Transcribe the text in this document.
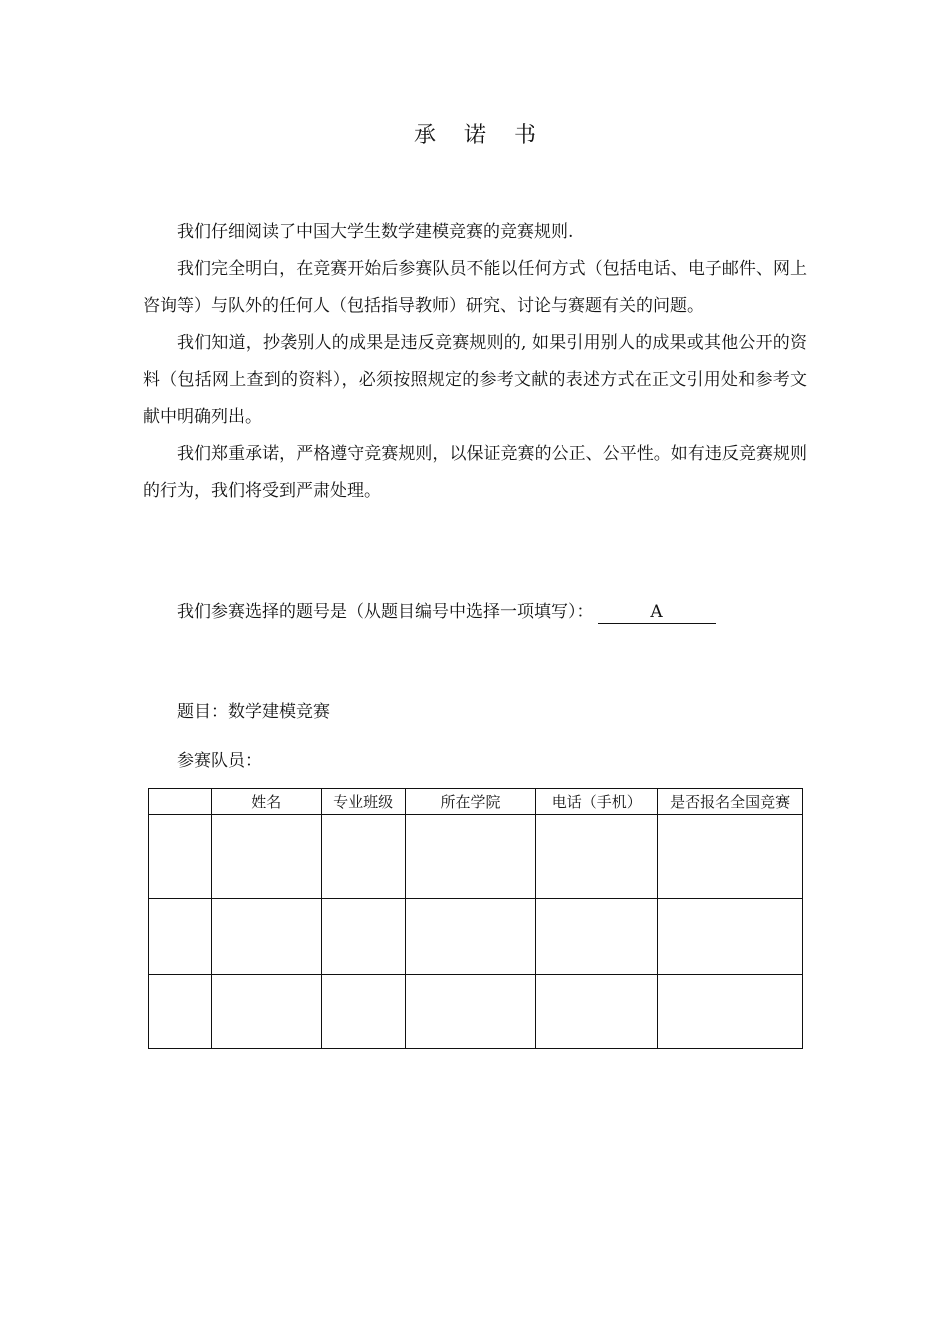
承 诺 书

我们仔细阅读了中国大学生数学建模竞赛的竞赛规则.

我们完全明白，在竞赛开始后参赛队员不能以任何方式（包括电话、电子邮件、网上咨询等）与队外的任何人（包括指导教师）研究、讨论与赛题有关的问题。

我们知道，抄袭别人的成果是违反竞赛规则的, 如果引用别人的成果或其他公开的资料（包括网上查到的资料），必须按照规定的参考文献的表述方式在正文引用处和参考文献中明确列出。

我们郑重承诺，严格遵守竞赛规则，以保证竞赛的公正、公平性。如有违反竞赛规则的行为，我们将受到严肃处理。

我们参赛选择的题号是（从题目编号中选择一项填写）：	A
题目：数学建模竞赛
参赛队员：
	姓名	专业班级	所在学院	电话（手机）	是否报名全国竞赛
